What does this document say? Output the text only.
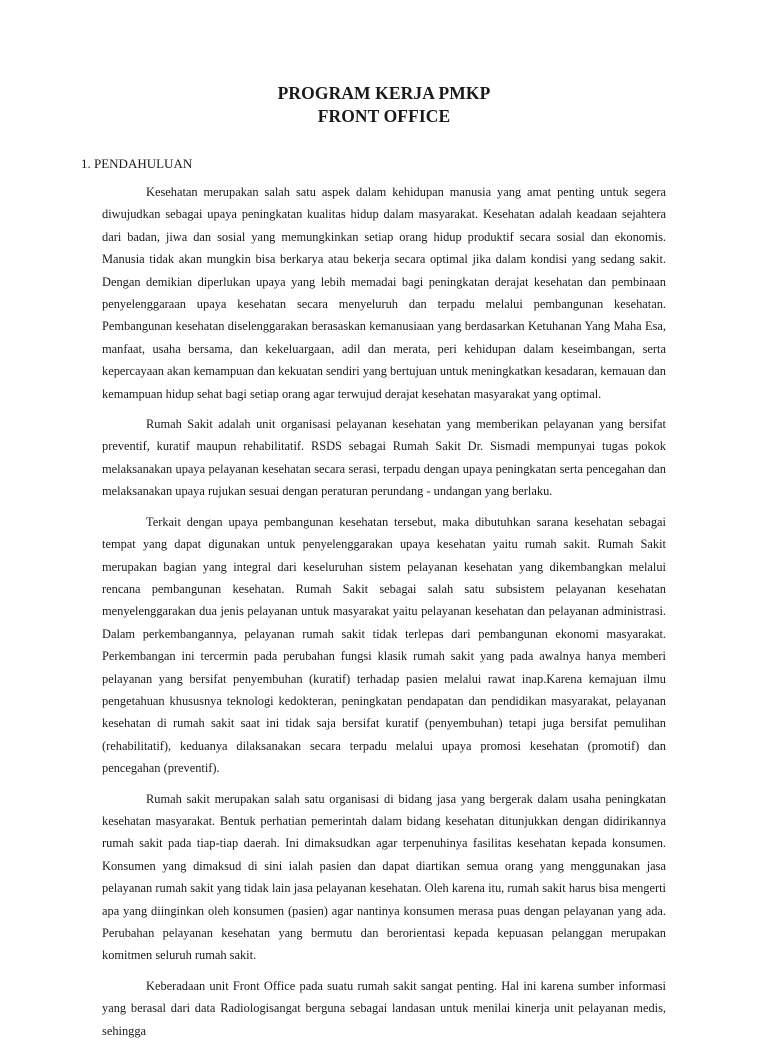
PROGRAM KERJA PMKP
FRONT OFFICE
1. PENDAHULUAN

Kesehatan merupakan salah satu aspek dalam kehidupan manusia yang amat penting untuk segera diwujudkan sebagai upaya peningkatan kualitas hidup dalam masyarakat. Kesehatan adalah keadaan sejahtera dari badan, jiwa dan sosial yang memungkinkan setiap orang hidup produktif secara sosial dan ekonomis. Manusia tidak akan mungkin bisa berkarya atau bekerja secara optimal jika dalam kondisi yang sedang sakit. Dengan demikian diperlukan upaya yang lebih memadai bagi peningkatan derajat kesehatan dan pembinaan penyelenggaraan upaya kesehatan secara menyeluruh dan terpadu melalui pembangunan kesehatan. Pembangunan kesehatan diselenggarakan berasaskan kemanusiaan yang berdasarkan Ketuhanan Yang Maha Esa, manfaat, usaha bersama, dan kekeluargaan, adil dan merata, peri kehidupan dalam keseimbangan, serta kepercayaan akan kemampuan dan kekuatan sendiri yang bertujuan untuk meningkatkan kesadaran, kemauan dan kemampuan hidup sehat bagi setiap orang agar terwujud derajat kesehatan masyarakat yang optimal.

Rumah Sakit adalah unit organisasi pelayanan kesehatan yang memberikan pelayanan yang bersifat preventif, kuratif maupun rehabilitatif. RSDS sebagai Rumah Sakit Dr. Sismadi mempunyai tugas pokok melaksanakan upaya pelayanan kesehatan secara serasi, terpadu dengan upaya peningkatan serta pencegahan dan melaksanakan upaya rujukan sesuai dengan peraturan perundang - undangan yang berlaku.

Terkait dengan upaya pembangunan kesehatan tersebut, maka dibutuhkan sarana kesehatan sebagai tempat yang dapat digunakan untuk penyelenggarakan upaya kesehatan yaitu rumah sakit. Rumah Sakit merupakan bagian yang integral dari keseluruhan sistem pelayanan kesehatan yang dikembangkan melalui rencana pembangunan kesehatan. Rumah Sakit sebagai salah satu subsistem pelayanan kesehatan menyelenggarakan dua jenis pelayanan untuk masyarakat yaitu pelayanan kesehatan dan pelayanan administrasi. Dalam perkembangannya, pelayanan rumah sakit tidak terlepas dari pembangunan ekonomi masyarakat. Perkembangan ini tercermin pada perubahan fungsi klasik rumah sakit yang pada awalnya hanya memberi pelayanan yang bersifat penyembuhan (kuratif) terhadap pasien melalui rawat inap.Karena kemajuan ilmu pengetahuan khususnya teknologi kedokteran, peningkatan pendapatan dan pendidikan masyarakat, pelayanan kesehatan di rumah sakit saat ini tidak saja bersifat kuratif (penyembuhan) tetapi juga bersifat pemulihan (rehabilitatif), keduanya dilaksanakan secara terpadu melalui upaya promosi kesehatan (promotif) dan pencegahan (preventif).

Rumah sakit merupakan salah satu organisasi di bidang jasa yang bergerak dalam usaha peningkatan kesehatan masyarakat. Bentuk perhatian pemerintah dalam bidang kesehatan ditunjukkan dengan didirikannya rumah sakit pada tiap-tiap daerah. Ini dimaksudkan agar terpenuhinya fasilitas kesehatan kepada konsumen. Konsumen yang dimaksud di sini ialah pasien dan dapat diartikan semua orang yang menggunakan jasa pelayanan rumah sakit yang tidak lain jasa pelayanan kesehatan. Oleh karena itu, rumah sakit harus bisa mengerti apa yang diinginkan oleh konsumen (pasien) agar nantinya konsumen merasa puas dengan pelayanan yang ada. Perubahan pelayanan kesehatan yang bermutu dan berorientasi kepada kepuasan pelanggan merupakan komitmen seluruh rumah sakit.

Keberadaan unit Front Office pada suatu rumah sakit sangat penting. Hal ini karena sumber informasi yang berasal dari data Radiologisangat berguna sebagai landasan untuk menilai kinerja unit pelayanan medis, sehingga
